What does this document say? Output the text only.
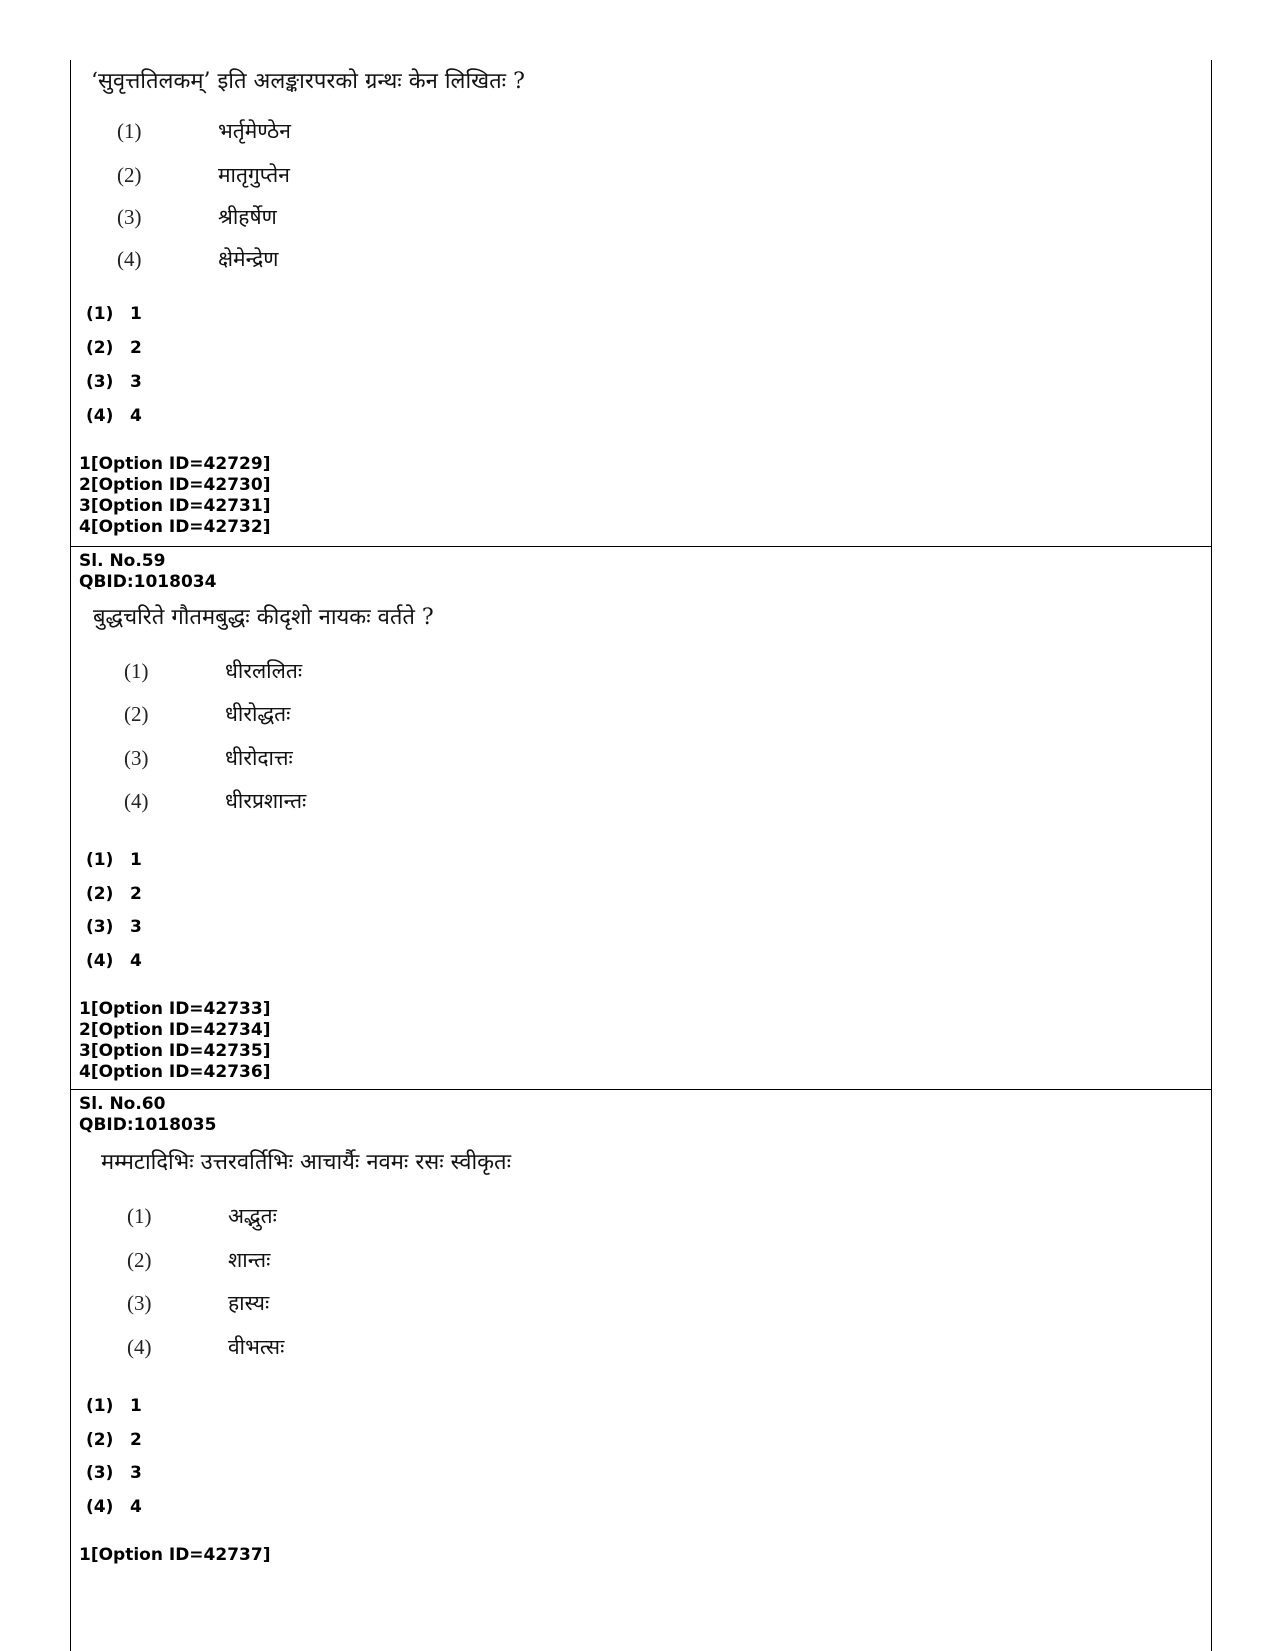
‘सुवृत्ततिलकम्’ इति अलङ्कारपरको ग्रन्थः केन लिखितः ?
(1)	भर्तृमेण्ठेन
(2)	मातृगुप्तेन
(3)	श्रीहर्षेण
(4)	क्षेमेन्द्रेण
(1) 1
(2) 2
(3) 3
(4) 4
1[Option ID=42729]
2[Option ID=42730]
3[Option ID=42731]
4[Option ID=42732]
Sl. No.59
QBID:1018034
बुद्धचरिते गौतमबुद्धः कीदृशो नायकः वर्तते ?
(1)	धीरललितः
(2)	धीरोद्धतः
(3)	धीरोदात्तः
(4)	धीरप्रशान्तः
(1) 1
(2) 2
(3) 3
(4) 4
1[Option ID=42733]
2[Option ID=42734]
3[Option ID=42735]
4[Option ID=42736]
Sl. No.60
QBID:1018035
मम्मटादिभिः उत्तरवर्तिभिः आचार्यैः नवमः रसः स्वीकृतः
(1)	अद्भुतः
(2)	शान्तः
(3)	हास्यः
(4)	वीभत्सः
(1) 1
(2) 2
(3) 3
(4) 4
1[Option ID=42737]
